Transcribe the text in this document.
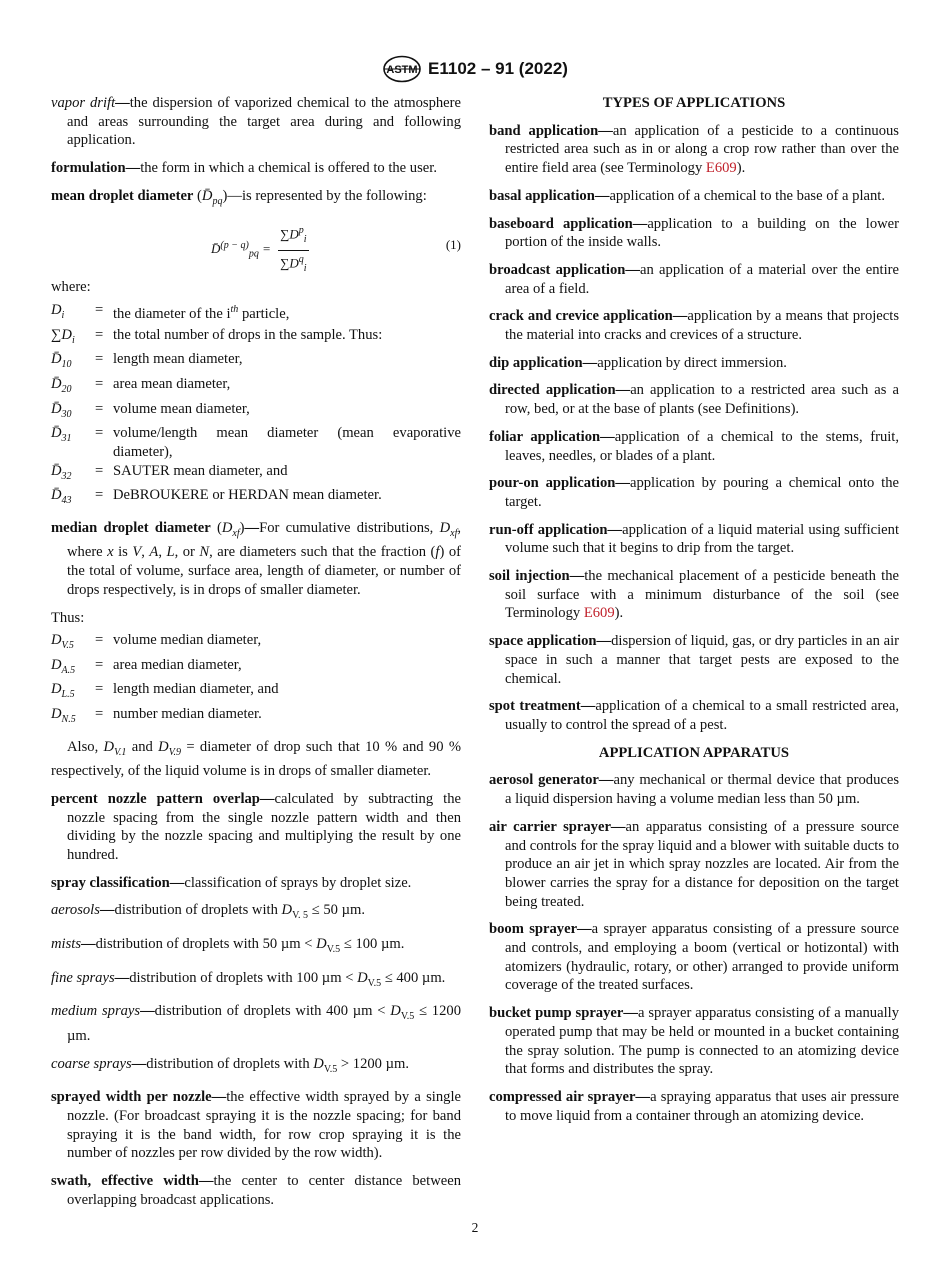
ASTM E1102 – 91 (2022)

vapor drift—the dispersion of vaporized chemical to the atmosphere and areas surrounding the target area during and following application.

formulation—the form in which a chemical is offered to the user.

mean droplet diameter $(D̄_{pq})—is$ represented by the following:

D̄$^{(p - q)}_{pq}$ = $\frac{\sum D^p_i}{\sum D^q_i}$	(1)

where:

$D_i$	= the diameter of the $i^{th}$ particle,
$\sum D_i$	= the total number of drops in the sample. Thus:
$D̄_{10}$	= length mean diameter,
$D̄_{20}$	= area mean diameter,
$D̄_{30}$	= volume mean diameter,
$D̄_{31}$	= volume/length mean diameter (mean evaporative diameter),
$D̄_{32}$	= SAUTER mean diameter, and
$D̄_{43}$	= DeBROUKERE or HERDAN mean diameter.

median droplet diameter $(D_{xf})—For$ cumulative distributions, $D_{xf}$, where x is V, A, L, or N, are diameters such that the fraction (f) of the total of volume, surface area, length of diameter, or number of drops respectively, is in drops of smaller diameter.

Thus:

$D_{V.5}$	= volume median diameter,
$D_{A.5}$	= area median diameter,
$D_{L.5}$	= length median diameter, and
$D_{N.5}$	= number median diameter.

Also, $D_{V.1}$ and $D_{V.9}$ = diameter of drop such that 10 % and 90 % respectively, of the liquid volume is in drops of smaller diameter.

percent nozzle pattern overlap—calculated by subtracting the nozzle spacing from the single nozzle pattern width and then dividing by the nozzle spacing and multiplying the result by one hundred.

spray classification—classification of sprays by droplet size.

aerosols—distribution of droplets with $D_{V. 5} \le 50$ µm.

mists—distribution of droplets with 50 $\mu m < D_{V.5} \le 100$ µm.

fine sprays—distribution of droplets with 100 $\mu m < D_{V.5} \le 400$ µm.

medium sprays—distribution of droplets with 400 $\mu m < D_{V.5} \le 1200$ µm.

coarse sprays—distribution of droplets with $D_{V.5} > 1200$ µm.

sprayed width per nozzle—the effective width sprayed by a single nozzle. (For broadcast spraying it is the nozzle spacing; for band spraying it is the band width, for row crop spraying it is the number of nozzles per row divided by the row width).

swath, effective width—the center to center distance between overlapping broadcast applications.

TYPES OF APPLICATIONS

band application—an application of a pesticide to a continuous restricted area such as in or along a crop row rather than over the entire field area (see Terminology E609).

basal application—application of a chemical to the base of a plant.

baseboard application—application to a building on the lower portion of the inside walls.

broadcast application—an application of a material over the entire area of a field.

crack and crevice application—application by a means that projects the material into cracks and crevices of a structure.

dip application—application by direct immersion.

directed application—an application to a restricted area such as a row, bed, or at the base of plants (see Definitions).

foliar application—application of a chemical to the stems, fruit, leaves, needles, or blades of a plant.

pour-on application—application by pouring a chemical onto the target.

run-off application—application of a liquid material using sufficient volume such that it begins to drip from the target.

soil injection—the mechanical placement of a pesticide beneath the soil surface with a minimum disturbance of the soil (see Terminology E609).

space application—dispersion of liquid, gas, or dry particles in an air space in such a manner that target pests are exposed to the chemical.

spot treatment—application of a chemical to a small restricted area, usually to control the spread of a pest.

APPLICATION APPARATUS

aerosol generator—any mechanical or thermal device that produces a liquid dispersion having a volume median less than 50 µm.

air carrier sprayer—an apparatus consisting of a pressure source and controls for the spray liquid and a blower with suitable ducts to produce an air jet in which spray nozzles are located. Air from the blower carries the spray for a distance for deposition on the target being treated.

boom sprayer—a sprayer apparatus consisting of a pressure source and controls, and employing a boom (vertical or hotizontal) with atomizers (hydraulic, rotary, or other) arranged to provide uniform coverage of the treated surfaces.

bucket pump sprayer—a sprayer apparatus consisting of a manually operated pump that may be held or mounted in a bucket containing the spray solution. The pump is connected to an atomizing device that forms and distributes the spray.

compressed air sprayer—a spraying apparatus that uses air pressure to move liquid from a container through an atomizing device.

2
